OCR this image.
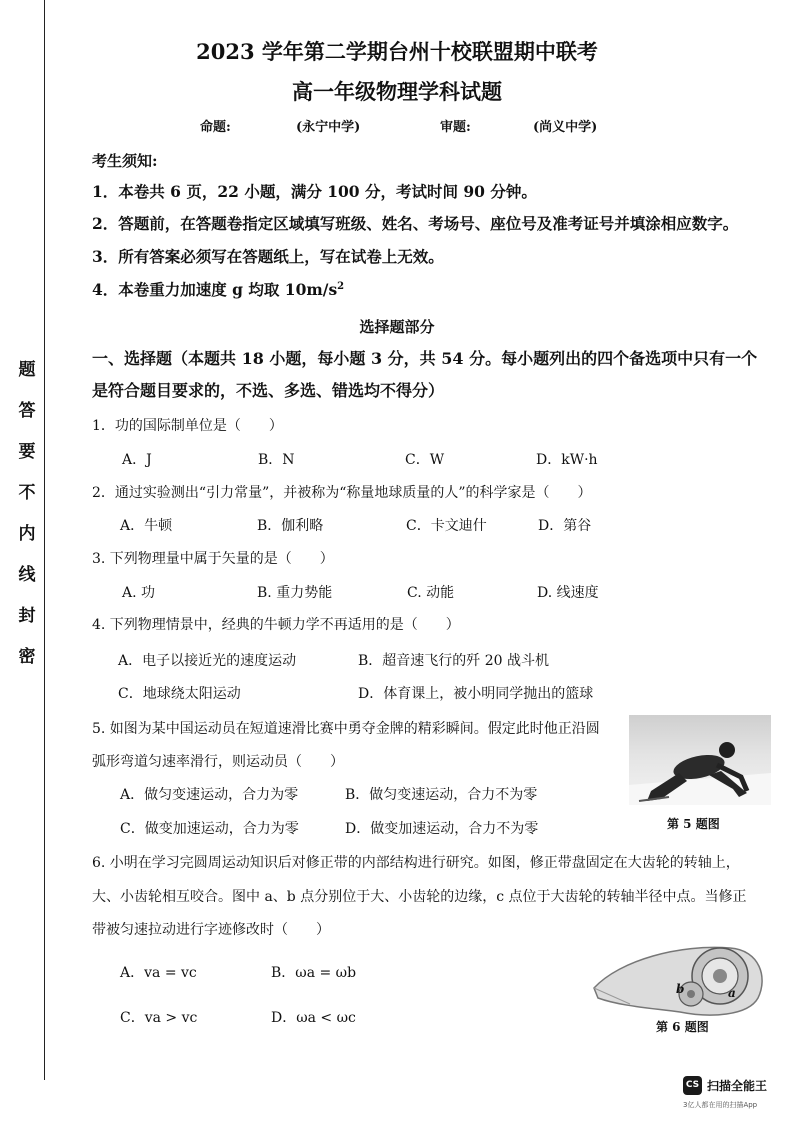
题
答
要
不
内
线
封
密
2023 学年第二学期台州十校联盟期中联考
高一年级物理学科试题
命题:	(永宁中学)	审题:	(尚义中学)
考生须知:
1．本卷共 6 页，22 小题，满分 100 分，考试时间 90 分钟。
2．答题前，在答题卷指定区域填写班级、姓名、考场号、座位号及准考证号并填涂相应数字。
3．所有答案必须写在答题纸上，写在试卷上无效。
4．本卷重力加速度 g 均取 $10m/s^2$
选择题部分
一、选择题（本题共 18 小题，每小题 3 分，共 54 分。每小题列出的四个备选项中只有一个
是符合题目要求的，不选、多选、错选均不得分）
1．功的国际制单位是（　　）
A．J	B．N	C．W	D．kW·h
2．通过实验测出“引力常量”，并被称为“称量地球质量的人”的科学家是（　　）
A．牛顿	B．伽利略	C．卡文迪什	D．第谷
3. 下列物理量中属于矢量的是（　　）
A. 功	B. 重力势能	C. 动能	D. 线速度
4. 下列物理情景中，经典的牛顿力学不再适用的是（　　）
A．电子以接近光的速度运动	B．超音速飞行的歼 20 战斗机
C．地球绕太阳运动	D．体育课上，被小明同学抛出的篮球
5. 如图为某中国运动员在短道速滑比赛中勇夺金牌的精彩瞬间。假定此时他正沿圆
弧形弯道匀速率滑行，则运动员（　　）
A．做匀变速运动，合力为零	B．做匀变速运动，合力不为零
C．做变加速运动，合力为零	D．做变加速运动，合力不为零	第 5 题图
6. 小明在学习完圆周运动知识后对修正带的内部结构进行研究。如图，修正带盘固定在大齿轮的转轴上，
大、小齿轮相互咬合。图中 a、b 点分别位于大、小齿轮的边缘，c 点位于大齿轮的转轴半径中点。当修正
带被匀速拉动进行字迹修改时（　　）
A．va = vc	B．ωa = ωb
C．va > vc	D．ωa < ωc
b	a
第 6 题图
CS 扫描全能王
3亿人都在用的扫描App
